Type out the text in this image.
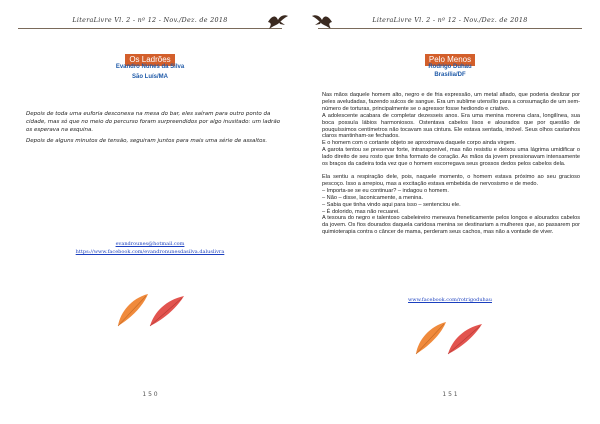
LiteraLivre Vl. 2 - nº 12 - Nov./Dez. de 2018
Os Ladrões
Evandro Nunes da Silva
São Luís/MA

Depois de toda uma euforia desconexa na mesa do bar, eles saíram para outro ponto da cidade, mas só que no meio do percurso foram surpreendidos por algo inusitado: um ladrão os esperava na esquina.

Depois de alguns minutos de tensão, seguiram juntos para mais uma série de assaltos.

evandrounes@hotmail.com
https://www.facebook.com/evandronunesdasilva.daluslivra
1 5 0
LiteraLivre Vl. 2 - nº 12 - Nov./Dez. de 2018
Pelo Menos
Rodrigo Duhau
Brasília/DF

Nas mãos daquele homem alto, negro e de fria expressão, um metal afiado, que poderia deslizar por peles aveludadas, fazendo sulcos de sangue. Era um sublime utensílio para a consumação de um sem-número de torturas, principalmente se o agressor fosse hediondo e criativo.

A adolescente acabara de completar dezesseis anos. Era uma menina morena clara, longilínea, sua boca possuía lábios harmoniosos. Ostentava cabelos lisos e alourados que por questão de pouquíssimos centímetros não tocavam sua cintura. Ele estava sentada, imóvel. Seus olhos castanhos claros mantinham-se fechados.

E o homem com o cortante objeto se aproximava daquele corpo ainda virgem.

A garota tentou se preservar forte, intransponível, mas não resistiu e deixou uma lágrima umidificar o lado direito de seu rosto que tinha formato de coração. As mãos da jovem pressionavam intensamente os braços da cadeira toda vez que o homem escorregava seus grossos dedos pelos cabelos dela.

Ela sentiu a respiração dele, pois, naquele momento, o homem estava próximo ao seu gracioso pescoço. Isso a arrepiou, mas a excitação estava embebida de nervosismo e de medo.

– Importa-se se eu continuar? – indagou o homem.

– Não – disse, laconicamente, a menina.

– Sabia que tinha vindo aqui para isso – sentenciou ele.

– É dolorido, mas não recuarei.

A tesoura do negro e talentoso cabeleireiro meneava freneticamente pelos longos e alourados cabelos da jovem. Os fios dourados daquela caridosa menina se destinariam a mulheres que, ao passarem por quimioterapia contra o câncer de mama, perderam seus cachos, mas não a vontade de viver.

www.facebook.com/rotrigoduhau
1 5 1
